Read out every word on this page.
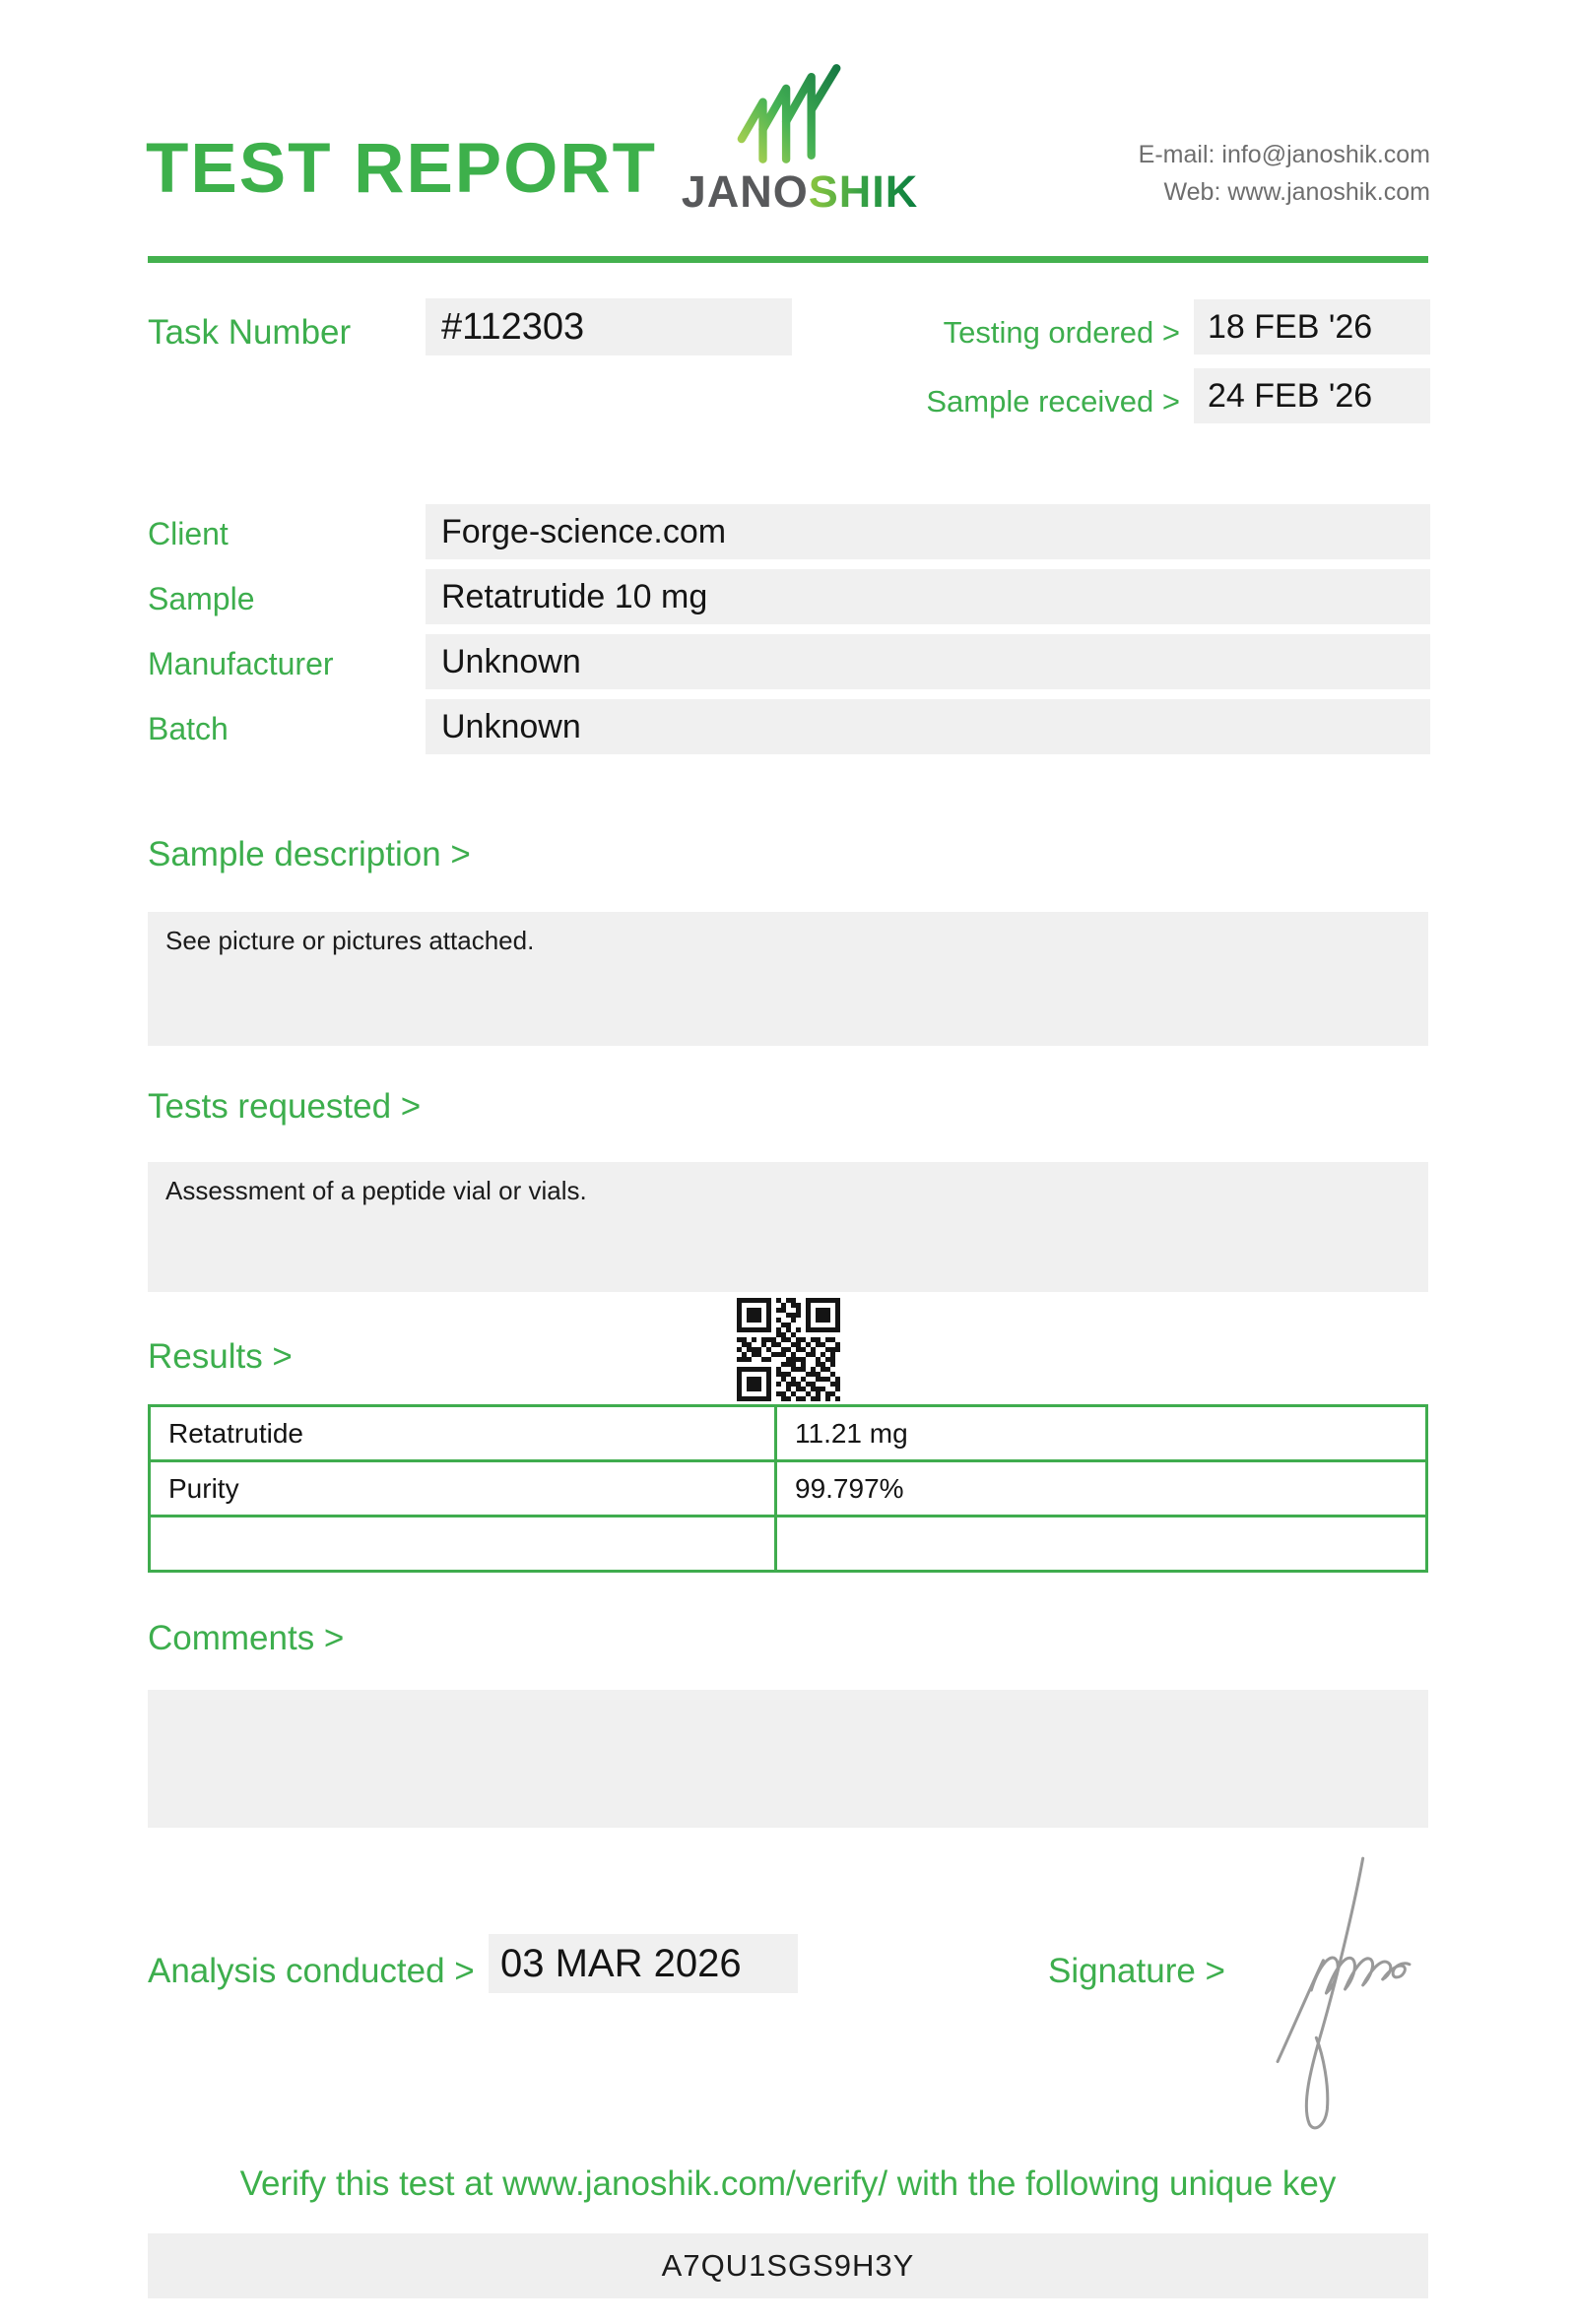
TEST REPORT JANOSHIK
E-mail: info@janoshik.com
Web: www.janoshik.com
Task Number	#112303	Testing ordered > 18 FEB '26
Sample received > 24 FEB '26
Client	Forge-science.com
Sample	Retatrutide 10 mg
Manufacturer	Unknown
Batch	Unknown
Sample description >
See picture or pictures attached.
Tests requested >
Assessment of a peptide vial or vials.
Results >
Retatrutide	11.21 mg
Purity	99.797%

Comments >
Analysis conducted > 03 MAR 2026	Signature >
Verify this test at www.janoshik.com/verify/ with the following unique key
A7QU1SGS9H3Y
